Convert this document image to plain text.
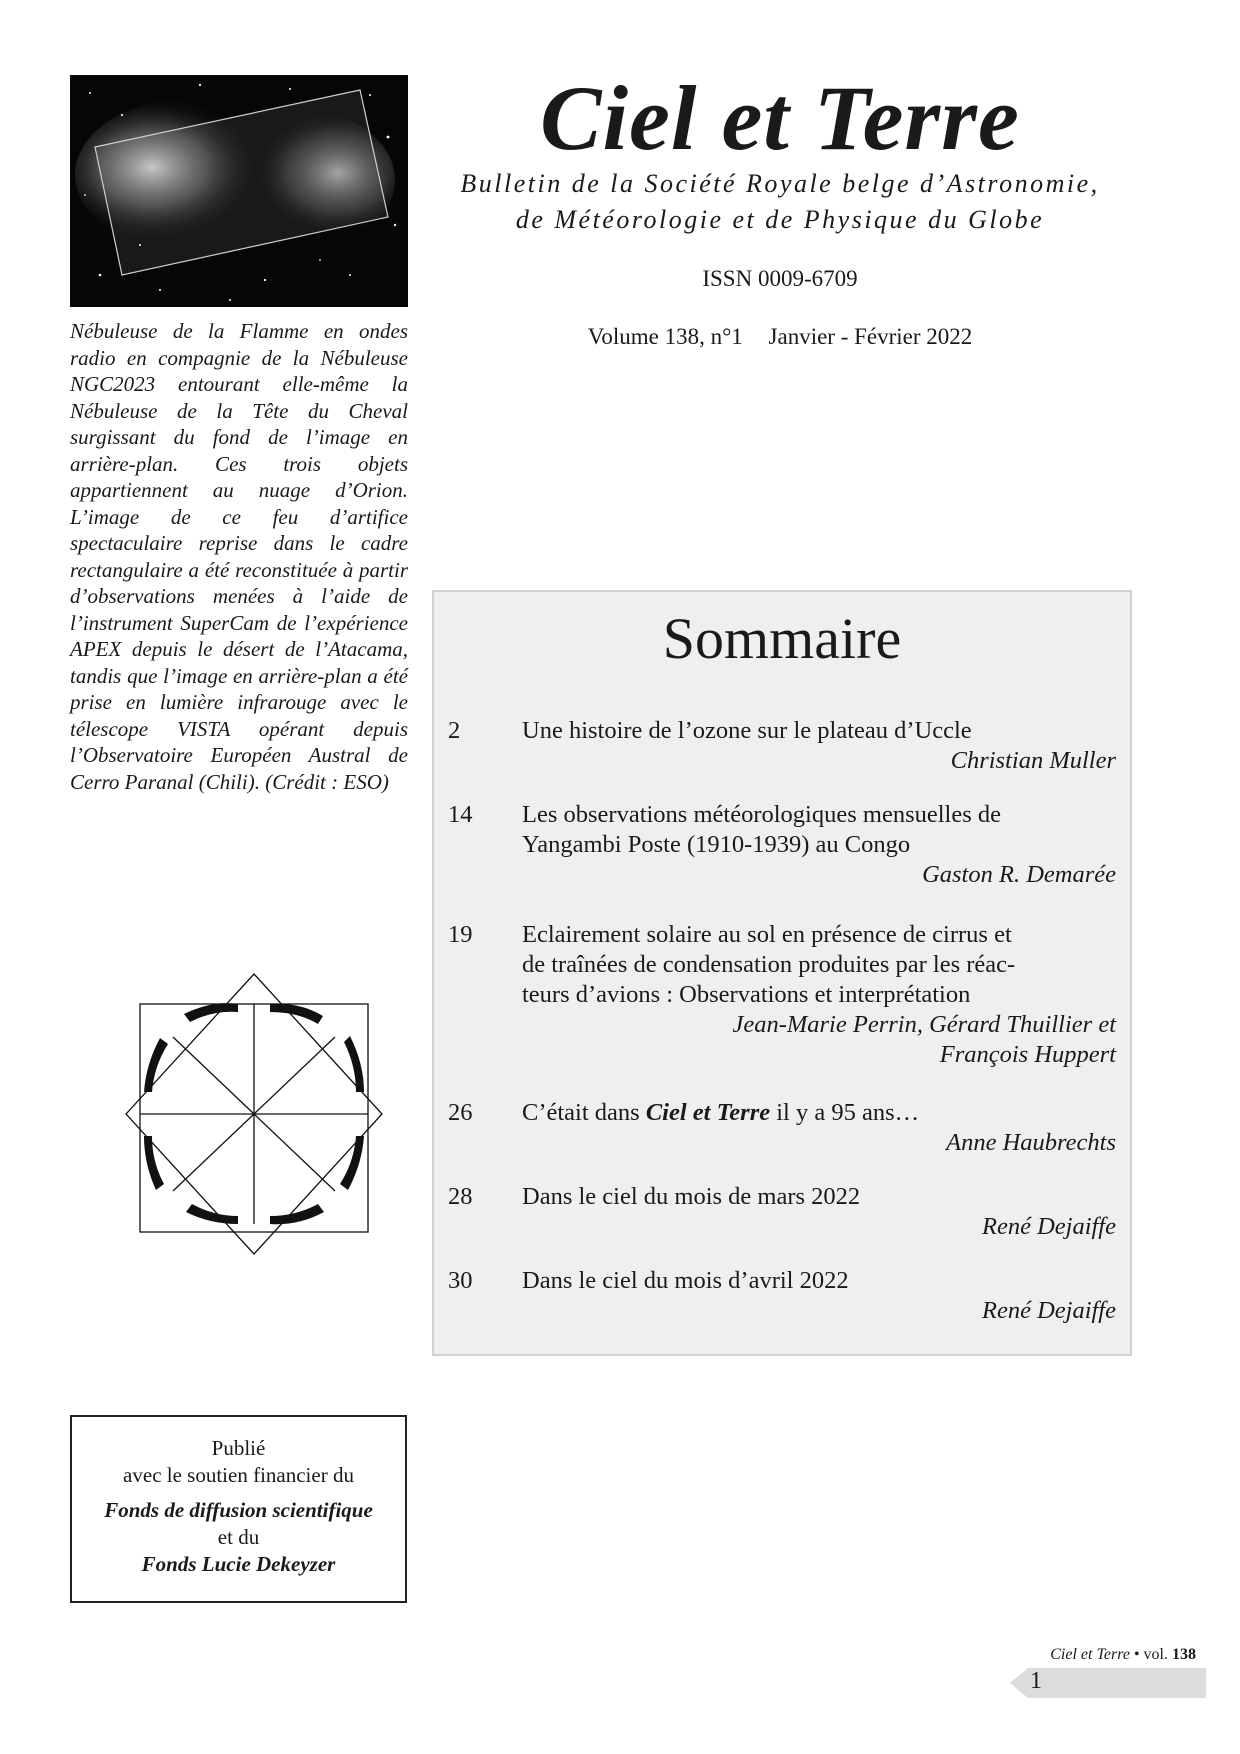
Nébuleuse de la Flamme en ondes radio en compagnie de la Nébuleuse NGC2023 entourant elle-même la Nébuleuse de la Tête du Cheval surgissant du fond de l’image en arrière-plan. Ces trois objets appartiennent au nuage d’Orion. L’image de ce feu d’artifice spectaculaire reprise dans le cadre rectangulaire a été reconstituée à partir d’observations menées à l’aide de l’instrument SuperCam de l’expérience APEX depuis le désert de l’Atacama, tandis que l’image en arrière-plan a été prise en lumière infrarouge avec le télescope VISTA opérant depuis l’Observatoire Européen Austral de Cerro Paranal (Chili). (Crédit : ESO)
Publié
avec le soutien financier du
Fonds de diffusion scientifique
et du
Fonds Lucie Dekeyzer
Ciel et Terre
Bulletin de la Société Royale belge d’Astronomie,
de Météorologie et de Physique du Globe
ISSN 0009-6709
Volume 138, n°1 Janvier - Février 2022
Sommaire
2	Une histoire de l’ozone sur le plateau d’Uccle
Christian Muller
14	Les observations météorologiques mensuelles de
Yangambi Poste (1910-1939) au Congo
Gaston R. Demarée
19	Eclairement solaire au sol en présence de cirrus et
de traînées de condensation produites par les réac-
teurs d’avions : Observations et interprétation
Jean-Marie Perrin, Gérard Thuillier et
François Huppert
26	C’était dans Ciel et Terre il y a 95 ans…
Anne Haubrechts
28	Dans le ciel du mois de mars 2022
René Dejaiffe
30	Dans le ciel du mois d’avril 2022
René Dejaiffe
Ciel et Terre • vol. 138
1
